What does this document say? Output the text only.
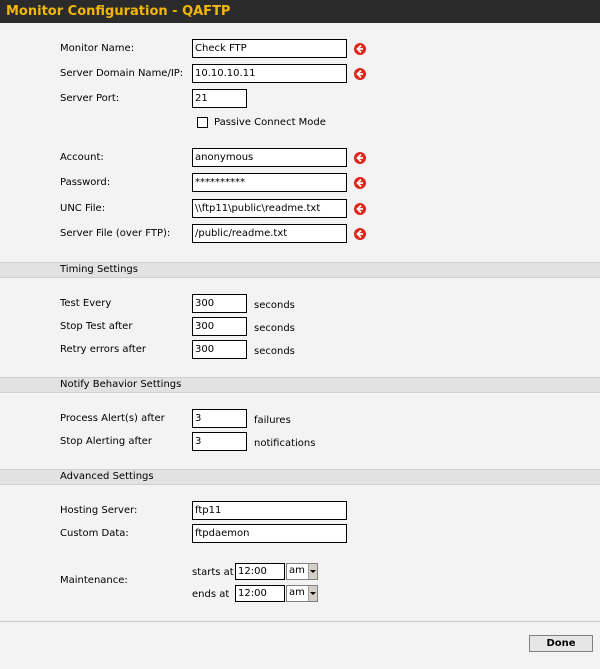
Monitor Configuration - QAFTP
Monitor Name:
Check FTP
Server Domain Name/IP:
10.10.10.11
Server Port:
21
Passive Connect Mode
Account:
anonymous
Password:
**********
UNC File:
\\ftp11\public\readme.txt
Server File (over FTP):
/public/readme.txt
Timing Settings
Test Every
300	seconds
Stop Test after
300	seconds
Retry errors after
300	seconds
Notify Behavior Settings
Process Alert(s) after
3	failures
Stop Alerting after
3	notifications
Advanced Settings
Hosting Server:
ftp11
Custom Data:
ftpdaemon
Maintenance:
starts at
12:00	am
ends at
12:00	am
Done
